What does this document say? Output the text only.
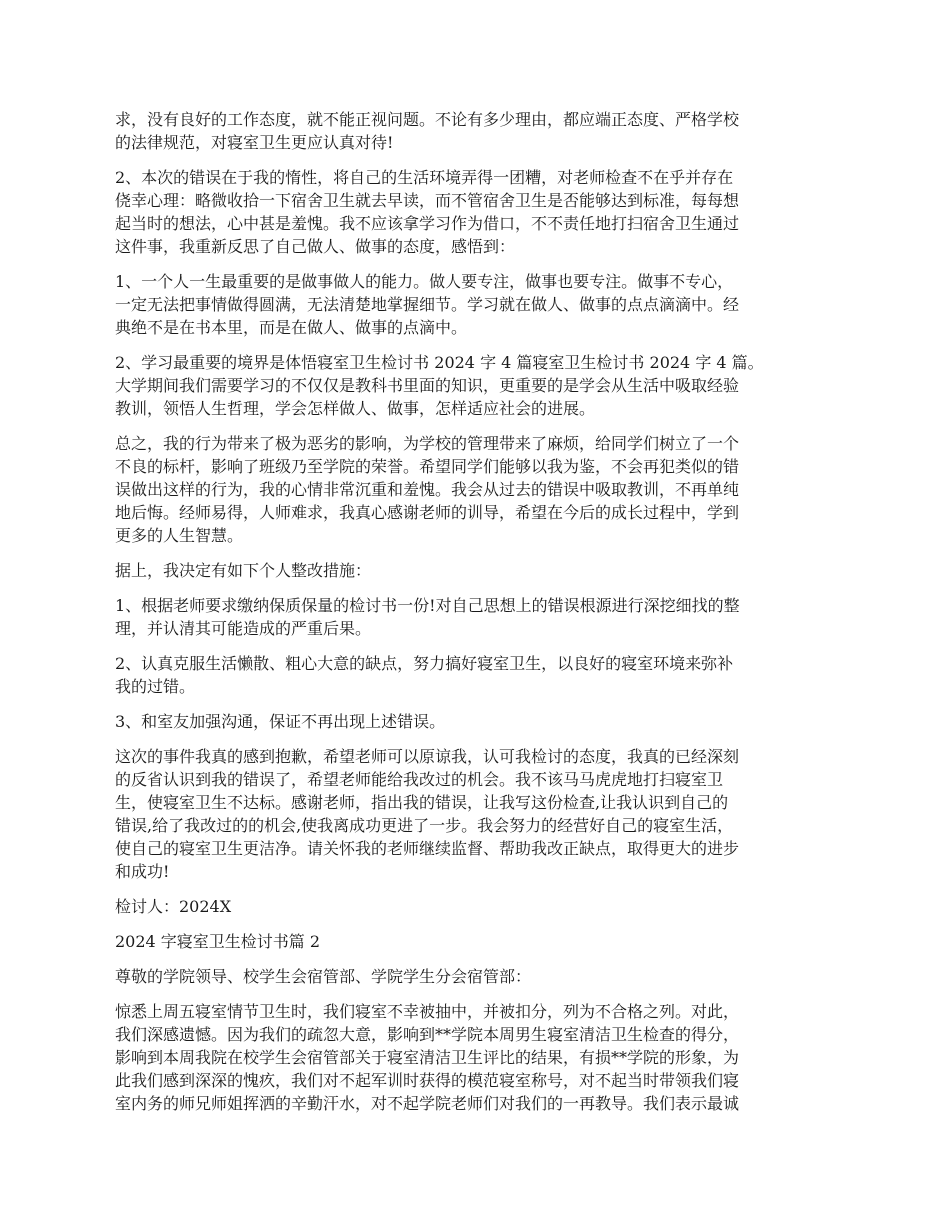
求，没有良好的工作态度，就不能正视问题。不论有多少理由，都应端正态度、严格学校
的法律规范，对寝室卫生更应认真对待!

2、本次的错误在于我的惰性，将自己的生活环境弄得一团糟，对老师检查不在乎并存在
侥幸心理：略微收拾一下宿舍卫生就去早读，而不管宿舍卫生是否能够达到标准，每每想
起当时的想法，心中甚是羞愧。我不应该拿学习作为借口，不不责任地打扫宿舍卫生通过
这件事，我重新反思了自己做人、做事的态度，感悟到：

1、一个人一生最重要的是做事做人的能力。做人要专注，做事也要专注。做事不专心，
一定无法把事情做得圆满，无法清楚地掌握细节。学习就在做人、做事的点点滴滴中。经
典绝不是在书本里，而是在做人、做事的点滴中。

2、学习最重要的境界是体悟寝室卫生检讨书 2024 字 4 篇寝室卫生检讨书 2024 字 4 篇。
大学期间我们需要学习的不仅仅是教科书里面的知识，更重要的是学会从生活中吸取经验
教训，领悟人生哲理，学会怎样做人、做事，怎样适应社会的进展。

总之，我的行为带来了极为恶劣的影响，为学校的管理带来了麻烦，给同学们树立了一个
不良的标杆，影响了班级乃至学院的荣誉。希望同学们能够以我为鉴，不会再犯类似的错
误做出这样的行为，我的心情非常沉重和羞愧。我会从过去的错误中吸取教训，不再单纯
地后悔。经师易得，人师难求，我真心感谢老师的训导，希望在今后的成长过程中，学到
更多的人生智慧。

据上，我决定有如下个人整改措施：

1、根据老师要求缴纳保质保量的检讨书一份!对自己思想上的错误根源进行深挖细找的整
理，并认清其可能造成的严重后果。

2、认真克服生活懒散、粗心大意的缺点，努力搞好寝室卫生，以良好的寝室环境来弥补
我的过错。

3、和室友加强沟通，保证不再出现上述错误。

这次的事件我真的感到抱歉，希望老师可以原谅我，认可我检讨的态度，我真的已经深刻
的反省认识到我的错误了，希望老师能给我改过的机会。我不该马马虎虎地打扫寝室卫
生，使寝室卫生不达标。感谢老师，指出我的错误，让我写这份检查,让我认识到自己的
错误,给了我改过的的机会,使我离成功更进了一步。我会努力的经营好自己的寝室生活，
使自己的寝室卫生更洁净。请关怀我的老师继续监督、帮助我改正缺点，取得更大的进步
和成功!

检讨人：2024X

2024 字寝室卫生检讨书篇 2

尊敬的学院领导、校学生会宿管部、学院学生分会宿管部：

惊悉上周五寝室情节卫生时，我们寝室不幸被抽中，并被扣分，列为不合格之列。对此，
我们深感遗憾。因为我们的疏忽大意，影响到**学院本周男生寝室清洁卫生检查的得分，
影响到本周我院在校学生会宿管部关于寝室清洁卫生评比的结果，有损**学院的形象，为
此我们感到深深的愧疚，我们对不起军训时获得的模范寝室称号，对不起当时带领我们寝
室内务的师兄师姐挥洒的辛勤汗水，对不起学院老师们对我们的一再教导。我们表示最诚
